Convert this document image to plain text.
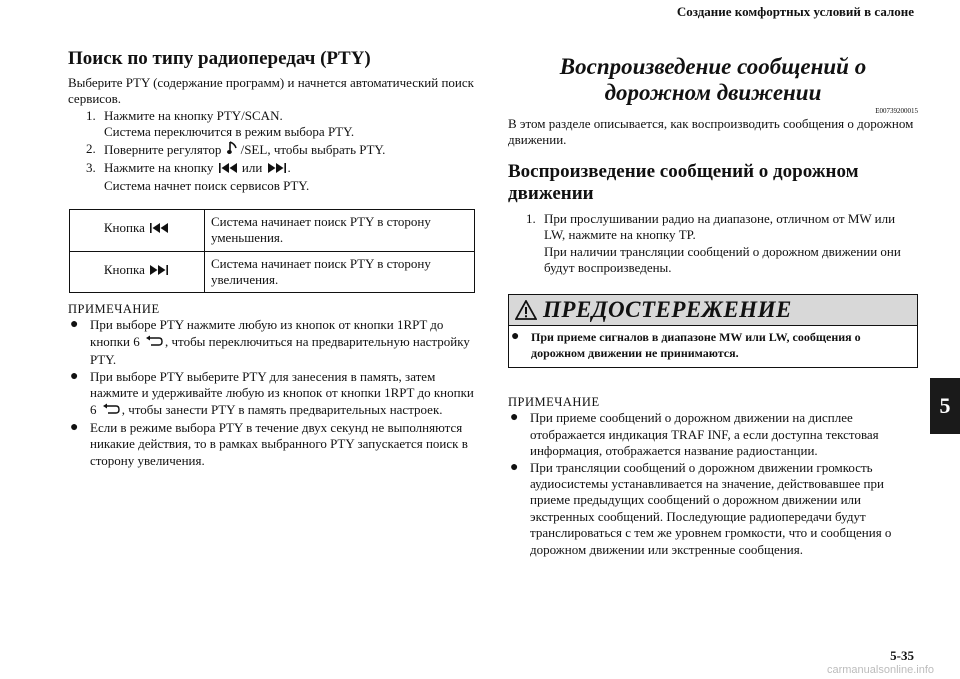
Создание комфортных условий в салоне
5
5-35
carmanualsonline.info
Поиск по типу радиопередач (PTY)

Выберите PTY (содержание программ) и начнется автоматический поиск сервисов.

1. Нажмите на кнопку PTY/SCAN.
Система переключится в режим выбора PTY.
2. Поверните регулятор /SEL, чтобы выбрать PTY.
3. Нажмите на кнопку или .
Система начнет поиск сервисов PTY.
Кнопка	Система начинает поиск PTY в сторону уменьшения.
Кнопка	Система начинает поиск PTY в сторону увеличения.
ПРИМЕЧАНИЕ
● При выборе PTY нажмите любую из кнопок от кнопки 1RPT до кнопки 6 , чтобы переключиться на предварительную настройку PTY.
● При выборе PTY выберите PTY для занесения в память, затем нажмите и удерживайте любую из кнопок от кнопки 1RPT до кнопки 6 , чтобы занести PTY в память предварительных настроек.
● Если в режиме выбора PTY в течение двух секунд не выполняются никакие действия, то в рамках выбранного PTY запускается поиск в сторону увеличения.
Воспроизведение сообщений о дорожном движении
E00739200015

В этом разделе описывается, как воспроизводить сообщения о дорожном движении.

Воспроизведение сообщений о дорожном движении
1. При прослушивании радио на диапазоне, отличном от MW или LW, нажмите на кнопку TP.
При наличии трансляции сообщений о дорожном движении они будут воспроизведены.
ПРЕДОСТЕРЕЖЕНИЕ
● При приеме сигналов в диапазоне MW или LW, сообщения о дорожном движении не принимаются.
ПРИМЕЧАНИЕ
● При приеме сообщений о дорожном движении на дисплее отображается индикация TRAF INF, а если доступна текстовая информация, отображается название радиостанции.
● При трансляции сообщений о дорожном движении громкость аудиосистемы устанавливается на значение, действовавшее при приеме предыдущих сообщений о дорожном движении или экстренных сообщений. Последующие радиопередачи будут транслироваться с тем же уровнем громкости, что и сообщения о дорожном движении или экстренные сообщения.
